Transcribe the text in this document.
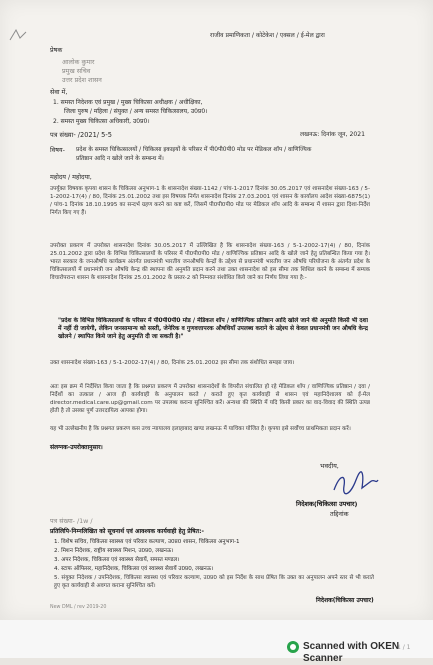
राजीव प्रमाणिकता / कोटेकेश / एक्सल / ई-मेल द्वारा
प्रेषक
आलोक कुमार
प्रमुख सचिव
उत्तर प्रदेश शासन
सेवा में,
1. समस्त निदेशक एवं प्रमुख / मुख्य चिकित्सा अधीक्षक / अधीक्षिका,
जिला पुरुष / महिला / संयुक्त / अन्य समस्त चिकित्सालय, उ0प्र0।
2. समस्त मुख्य चिकित्सा अधिकारी, उ0प्र0।
पत्र संख्या- /2021/ 5-5	लखनऊ: दिनांक जून, 2021
विषय- प्रदेश के समस्त चिकित्सालयों / चिकित्सा इकाइयों के परिसर में पी0पी0पी0 मोड पर मेडिकल शॉप / वाणिज्यिक
प्रतिष्ठान आदि न खोले जाने के सम्बन्ध में।
महोदय / महोदया,
उपर्युक्त विषयक कृपया शासन के चिकित्सा अनुभाग-1 के शासनादेश संख्या-1142 / पांच-1-2017 दिनांक 30.05.2017 एवं शासनादेश संख्या-163 / 5-1-2002-17(4) / 80, दिनांक 25.01.2002 तथा इस विषयक निर्गत शासनादेश दिनांक 27.03.2001 एवं शासन के कार्यालय आदेश संख्या-6875(1) / पांच-1 दिनांक 18.10.1995 का सन्दर्भ ग्रहण करने का कष्ट करें, जिसमें पी0पी0पी0 मोड पर मेडिकल शॉप आदि के सम्बन्ध में शासन द्वारा दिशा-निर्देश निर्गत किए गए हैं।
उपरोक्त प्रकरण में उपरोक्त शासनादेश दिनांक 30.05.2017 में उल्लिखित है कि शासनादेश संख्या-163 / 5-1-2002-17(4) / 80, दिनांक 25.01.2002 द्वारा प्रदेश के विभिन्न चिकित्सालयों के परिसर में पी0पी0पी0 मोड / वाणिज्यिक प्रतिष्ठान आदि के खोले जाने हेतु प्रतिबन्धित किया गया है। भारत सरकार के जनऔषधि कार्यक्रम अंतर्गत प्रधानमंत्री भारतीय जनऔषधि केन्द्रों के उद्देश्य से प्रधानमंत्री भारतीय जन औषधि परियोजना के अंतर्गत प्रदेश के चिकित्सालयों में प्रधानमंत्री जन औषधि केन्द्र की स्थापना की अनुमति प्रदान करने तथा उक्त शासनादेश को इस सीमा तक शिथिल करने के सम्बन्ध में सम्यक विचारोपरान्त शासन के शासनादेश दिनांक 25.01.2002 के प्रस्तर-2 को निम्नवत संशोधित किये जाने का निर्णय लिया गया है:-
"प्रदेश के विभिन्न चिकित्सालयों के परिसर में पी0पी0पी0 मोड / मेडिकल शॉप / वाणिज्यिक प्रतिष्ठान आदि खोले जाने की अनुमति किसी भी दशा में नहीं दी जायेगी, लेकिन जनसामान्य को सस्ती, जेनेरिक व गुणवत्तापरक औषधियाँ उपलब्ध कराने के उद्देश्य से केवल प्रधानमंत्री जन औषधि केन्द्र खोलने / स्थापित किये जाने हेतु अनुमति दी जा सकती है।"
उक्त शासनादेश संख्या-163 / 5-1-2002-17(4) / 80, दिनांक 25.01.2002 इस सीमा तक संशोधित समझा जाय।
अतः इस क्रम में निर्देशित किया जाता है कि प्रश्नगत प्रकरण में उपरोक्त शासनादेशों के विपरीत संचालित हो रहे मेडिकल शॉप / वाणिज्यिक प्रतिष्ठान / दवा / निर्देशों का तत्काल / आज ही कार्यवाही के अनुपालन करते / कराते हुए कृत कार्यवाही से शासन एवं महानिदेशालय को ई-मेल director.medical.care.up@gmail.com पर उपलब्ध कराना सुनिश्चित करें। अन्यथा की स्थिति में यदि किसी प्रकार का वाद-विवाद की स्थिति उत्पन्न होती है तो उसका पूर्ण उत्तरदायित्व आपका होगा।
यह भी उल्लेखनीय है कि प्रश्नगत प्रकरण कस उच्च न्यायालय इलाहाबाद खण्ड लखनऊ में याचिका योजित है। कृपया इसे सर्वोच्च प्राथमिकता प्रदान करें।
संलग्नक-उपरोक्तानुसार।
भवदीय,
निदेशक(चिकित्सा उपचार)
तद्दिनांक
पत्र संख्या- /1w /
प्रतिलिपि-निम्नलिखित को सूचनार्थ एवं आवश्यक कार्यवाही हेतु प्रेषित:-
1. विशेष सचिव, चिकित्सा स्वास्थ्य एवं परिवार कल्याण, उ0प्र0 शासन, चिकित्सा अनुभाग-1
2. मिशन निदेशक, राष्ट्रीय स्वास्थ्य मिशन, उ0प्र0, लखनऊ।
3. अपर निदेशक, चिकित्सा एवं स्वास्थ्य सेवायें, समस्त मण्डल।
4. स्टाफ ऑफिसर, महानिदेशक, चिकित्सा एवं स्वास्थ्य सेवायें उ0प्र0, लखनऊ।
5. संयुक्त निदेशक / उपनिदेशक, चिकित्सा स्वास्थ्य एवं परिवार कल्याण, उ0प्र0 को इस निर्देश के साथ प्रेषित कि उक्त का अनुपालन अपने स्तर से भी कराते हुए कृत कार्यवाही से अवगत कराना सुनिश्चित करें।
निदेशक(चिकित्सा उपचार)
New DML / rev 2019-20
Scanned with OKEN Scanner
1 / 1
